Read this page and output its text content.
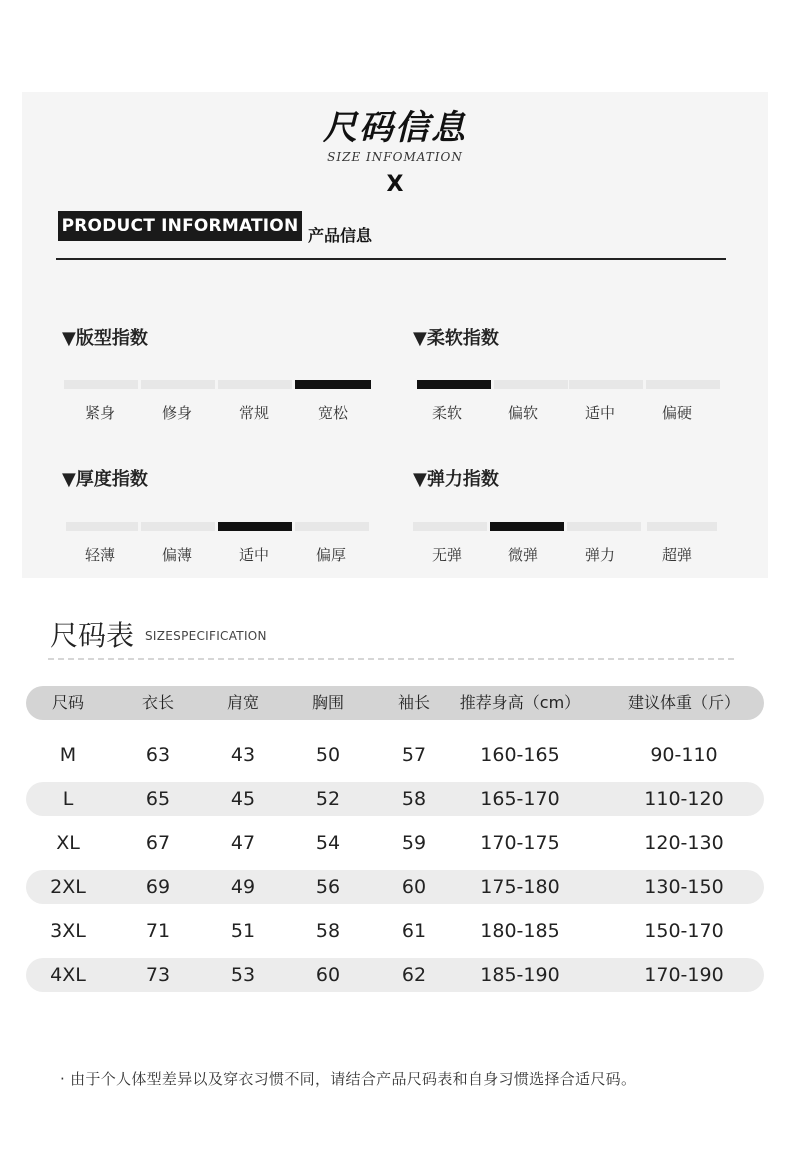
尺码信息
SIZE INFOMATION
X
PRODUCT INFORMATION 产品信息
▼版型指数
紧身	修身	常规	宽松
▼柔软指数
柔软	偏软	适中	偏硬
▼厚度指数
轻薄	偏薄	适中	偏厚
▼弹力指数
无弹	微弹	弹力	超弹
尺码表 SIZESPECIFICATION
尺码	衣长	肩宽	胸围	袖长	推荐身高（cm）	建议体重（斤）
M	63	43	50	57	160-165	90-110
L	65	45	52	58	165-170	110-120
XL	67	47	54	59	170-175	120-130
2XL	69	49	56	60	175-180	130-150
3XL	71	51	58	61	180-185	150-170
4XL	73	53	60	62	185-190	170-190
· 由于个人体型差异以及穿衣习惯不同，请结合产品尺码表和自身习惯选择合适尺码。
